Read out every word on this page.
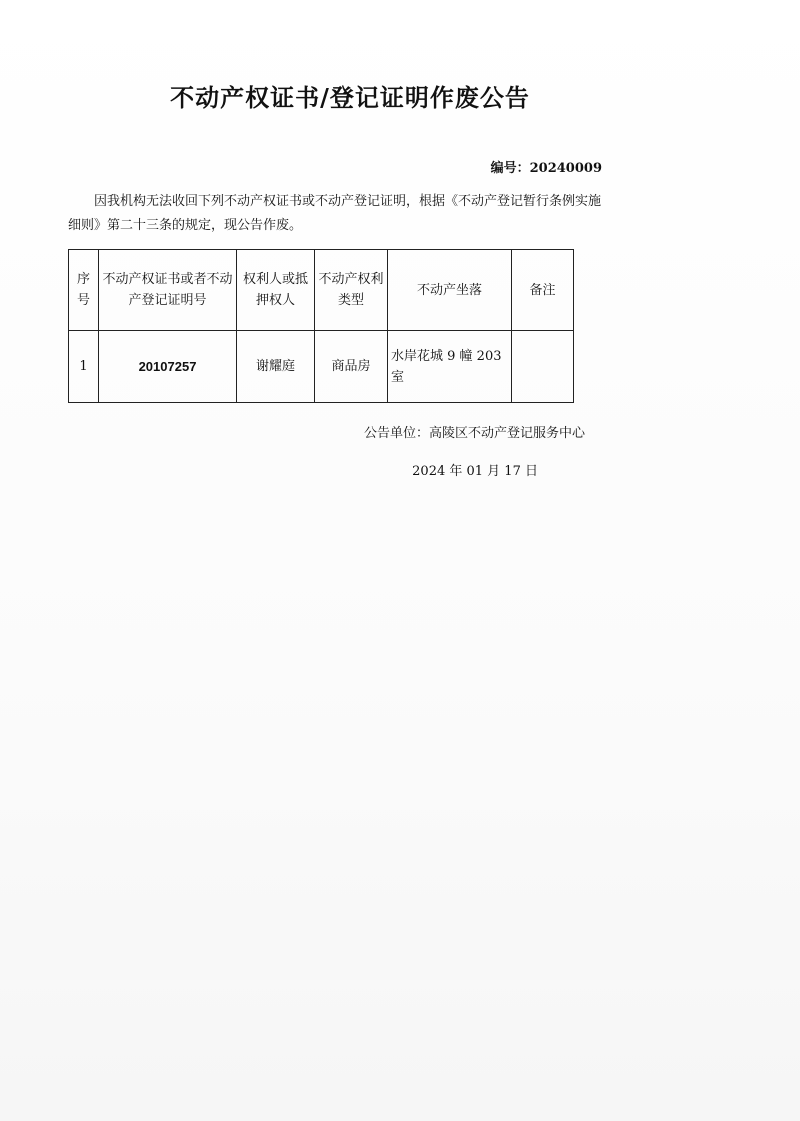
不动产权证书/登记证明作废公告
编号：20240009
因我机构无法收回下列不动产权证书或不动产登记证明，根据《不动产登记暂行条例实施细则》第二十三条的规定，现公告作废。
序号	不动产权证书或者不动产登记证明号	权利人或抵押权人	不动产权利类型	不动产坐落	备注
1	20107257	谢耀庭	商品房	水岸花城 9 幢 203 室	
公告单位：高陵区不动产登记服务中心
2024 年 01 月 17 日
